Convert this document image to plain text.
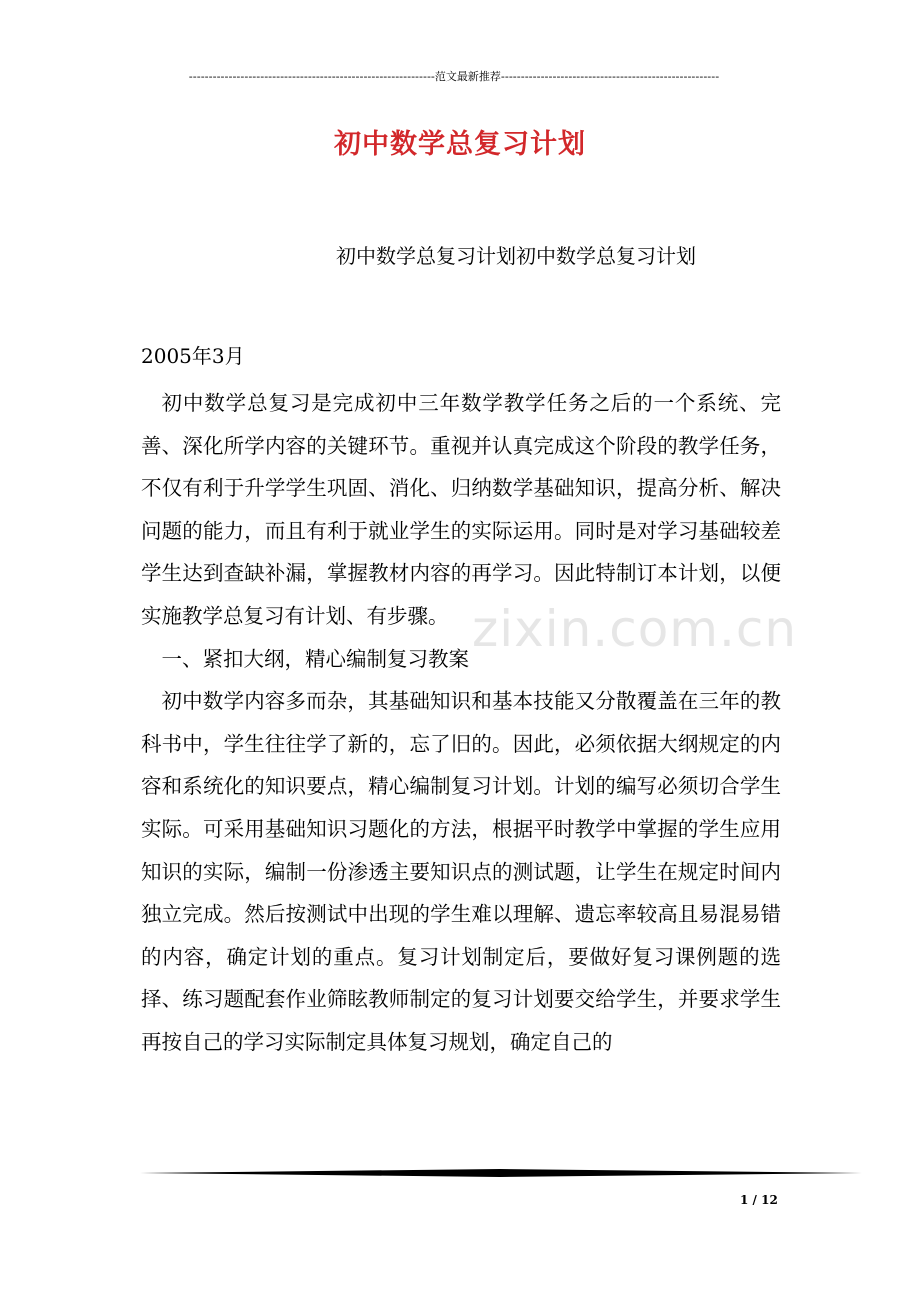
--------------------------------------------------------------范文最新推荐-------------------------------------------------------
初中数学总复习计划
初中数学总复习计划初中数学总复习计划
2005年3月

初中数学总复习是完成初中三年数学教学任务之后的一个系统、完善、深化所学内容的关键环节。重视并认真完成这个阶段的教学任务，不仅有利于升学学生巩固、消化、归纳数学基础知识，提高分析、解决问题的能力，而且有利于就业学生的实际运用。同时是对学习基础较差学生达到查缺补漏，掌握教材内容的再学习。因此特制订本计划，以便实施教学总复习有计划、有步骤。

一、紧扣大纲，精心编制复习教案

初中数学内容多而杂，其基础知识和基本技能又分散覆盖在三年的教科书中，学生往往学了新的，忘了旧的。因此，必须依据大纲规定的内容和系统化的知识要点，精心编制复习计划。计划的编写必须切合学生实际。可采用基础知识习题化的方法，根据平时教学中掌握的学生应用知识的实际，编制一份渗透主要知识点的测试题，让学生在规定时间内独立完成。然后按测试中出现的学生难以理解、遗忘率较高且易混易错的内容，确定计划的重点。复习计划制定后，要做好复习课例题的选择、练习题配套作业筛眩教师制定的复习计划要交给学生，并要求学生再按自己的学习实际制定具体复习规划，确定自己的

zixin.com.cn
1 / 12
